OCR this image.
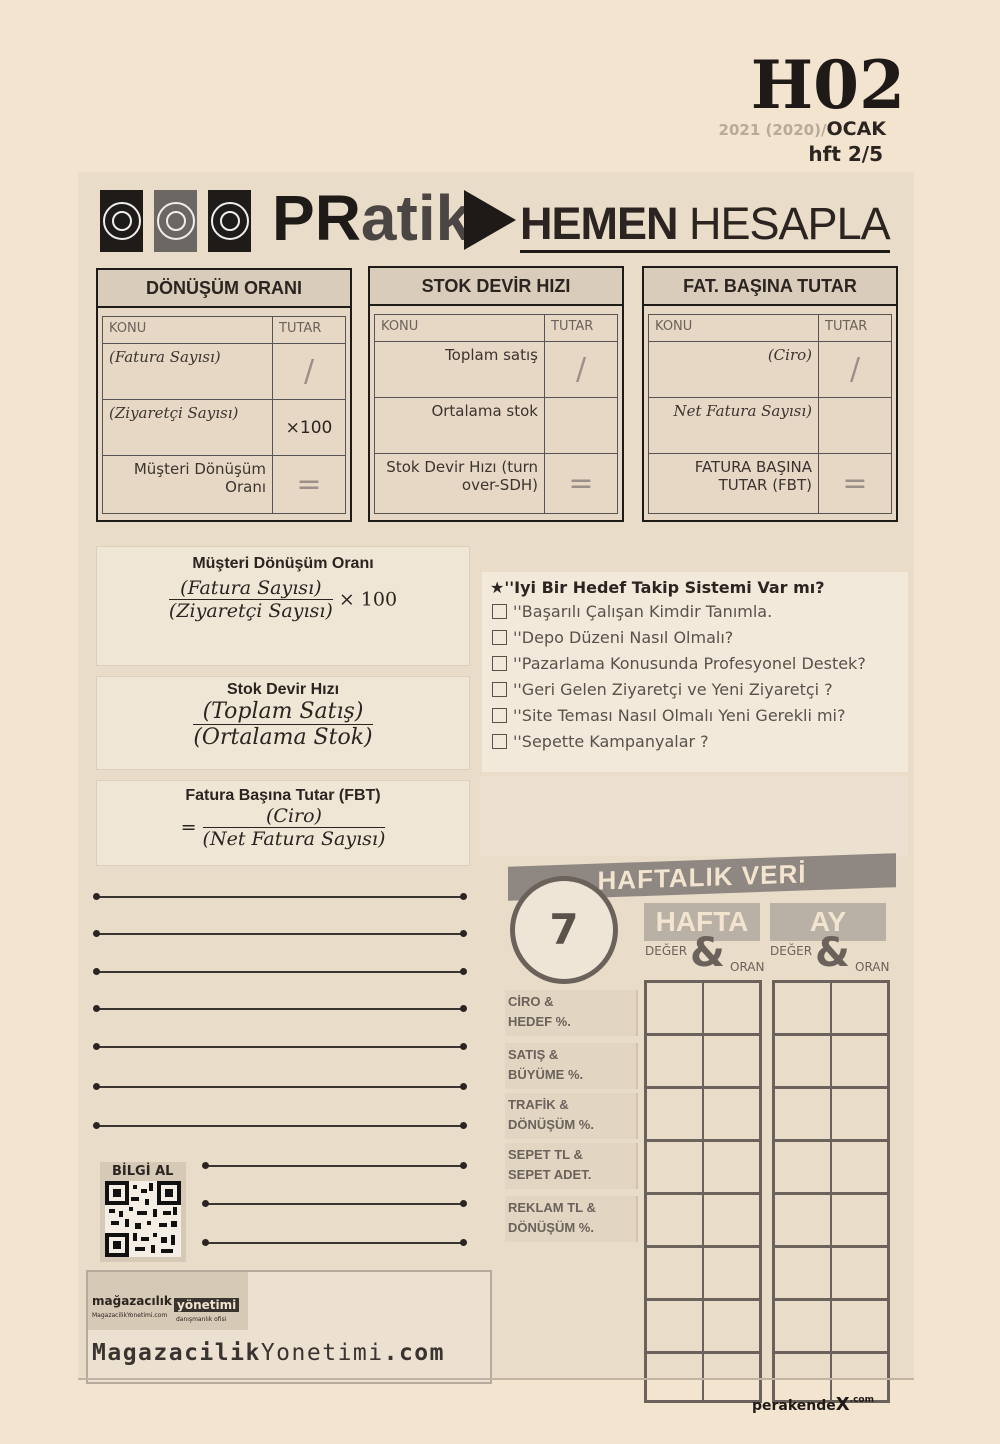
H02
2021 (2020)/OCAK
hft 2/5
PRatik HEMEN HESAPLA
DÖNÜŞÜM ORANI
KONU	TUTAR
(Fatura Sayısı)	/
(Ziyaretçi Sayısı)	×100
Müşteri Dönüşüm Oranı	=
STOK DEVİR HIZI
KONU	TUTAR
Toplam satış	/
Ortalama stok	
Stok Devir Hızı (turn over-SDH)	=
FAT. BAŞINA TUTAR
KONU	TUTAR
(Ciro)	/
Net Fatura Sayısı)	
FATURA BAŞINA TUTAR (FBT)	=
Müşteri Dönüşüm Oranı
$\frac{\text{(Fatura Sayısı)}}{\text{(Ziyaretçi Sayısı)}} \times 100$
Stok Devir Hızı
$\frac{\text{(Toplam Satış)}}{\text{(Ortalama Stok)}}$
Fatura Başına Tutar (FBT)
= $\frac{\text{(Ciro)}}{\text{(Net Fatura Sayısı)}}$
★''Iyi Bir Hedef Takip Sistemi Var mı?
''Başarılı Çalışan Kimdir Tanımla.
''Depo Düzeni Nasıl Olmalı?
''Pazarlama Konusunda Profesyonel Destek?
''Geri Gelen Ziyaretçi ve Yeni Ziyaretçi ?
''Site Teması Nasıl Olmalı Yeni Gerekli mi?
''Sepette Kampanyalar ?
HAFTALIK VERİ
7	HAFTA	AY
DEĞER & ORAN
DEĞER & ORAN
CİRO &
HEDEF %.
SATIŞ &
BÜYÜME %.
TRAFİK &
DÖNÜŞÜM %.
SEPET TL &
SEPET ADET.
REKLAM TL &
DÖNÜŞÜM %.
BİLGİ AL
mağazacılık yönetimi
MagazacilikYonetimi.com
danışmanlık ofisi
MagazacilikYonetimi.com
perakendeX$^{.com}$
